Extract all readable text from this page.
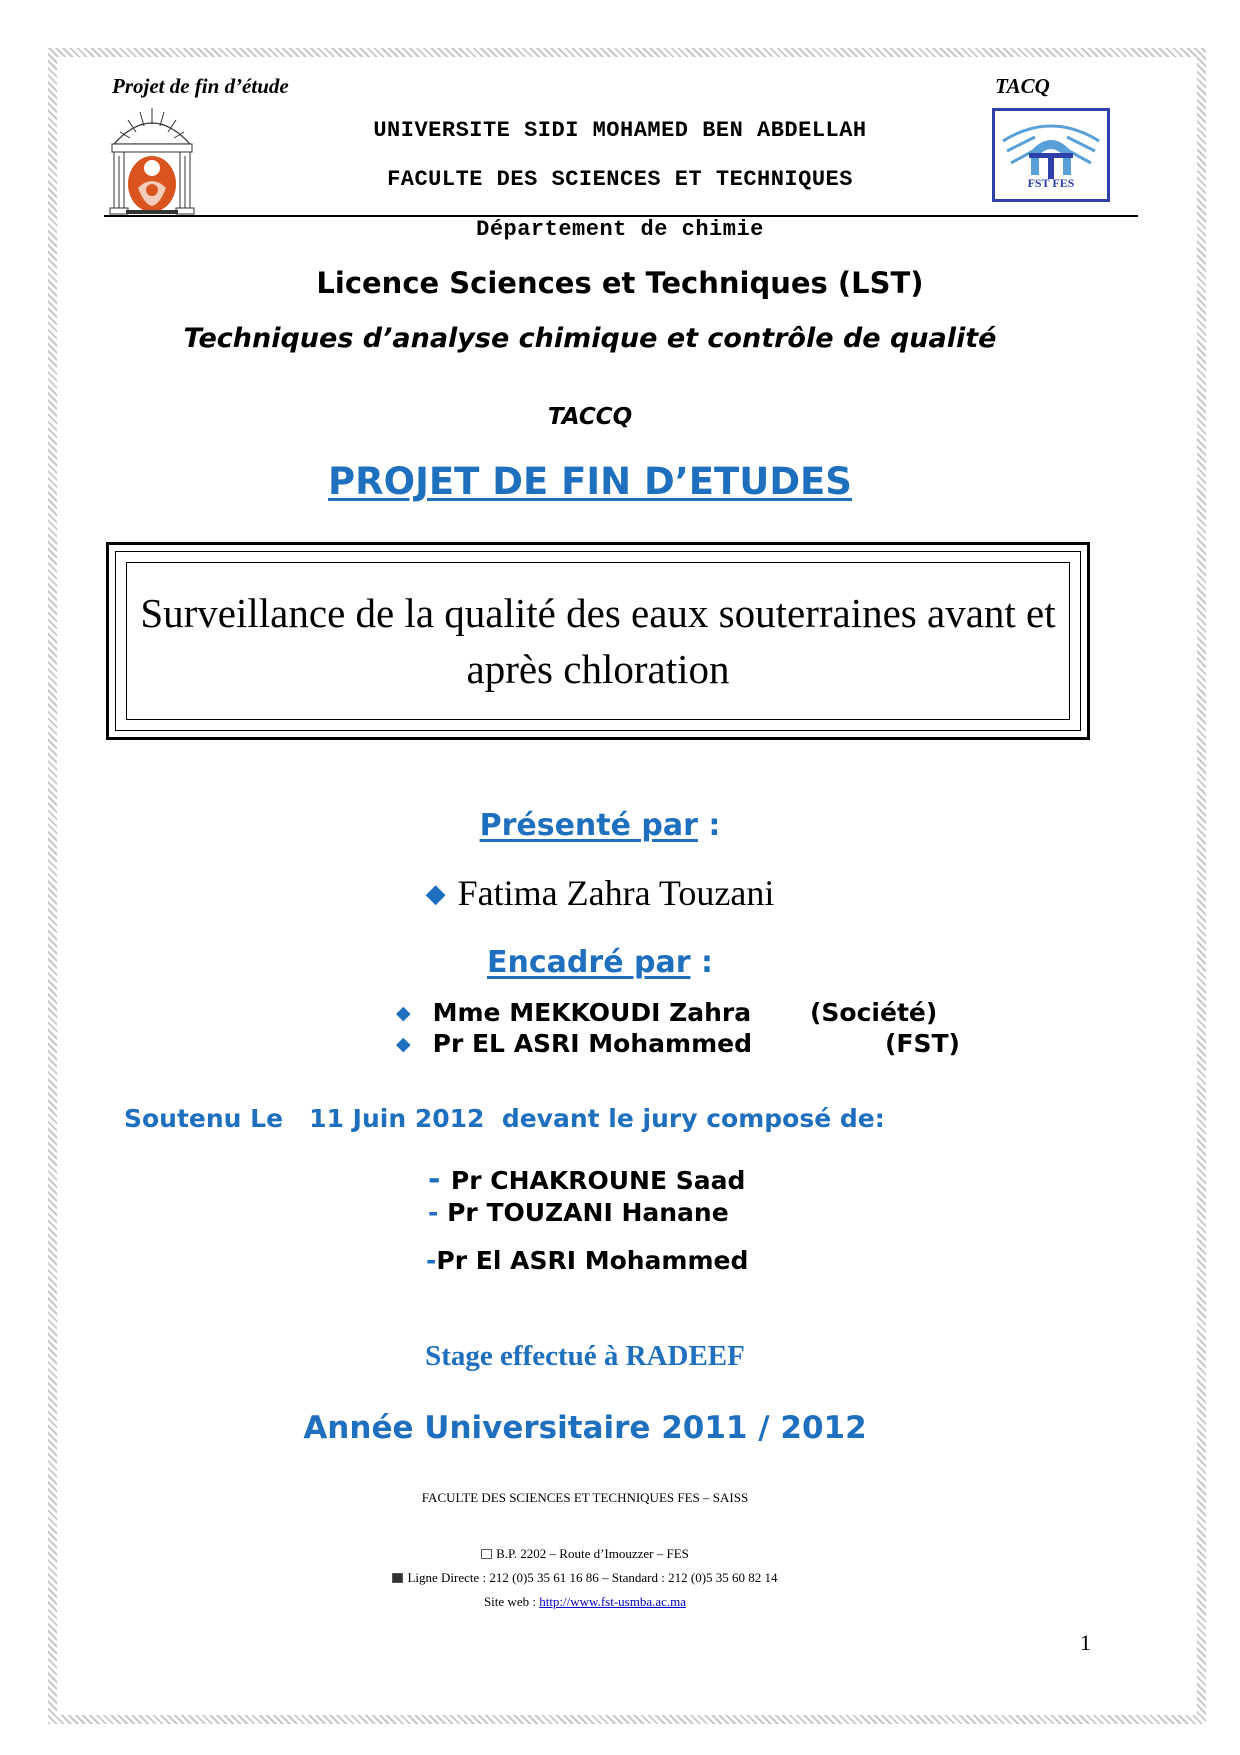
Projet de fin d’étude	TACQ
UNIVERSITE SIDI MOHAMED BEN ABDELLAH
FACULTE DES SCIENCES ET TECHNIQUES	FST FES
Département de chimie
Licence Sciences et Techniques (LST)
Techniques d’analyse chimique et contrôle de qualité
TACCQ
PROJET DE FIN D’ETUDES
Surveillance de la qualité des eaux souterraines avant et
après chloration
Présenté par :
◆ Fatima Zahra Touzani
Encadré par :
◆ Mme MEKKOUDI Zahra (Société)
◆ Pr EL ASRI Mohammed	(FST)
Soutenu Le   11 Juin 2012  devant le jury composé de:
- Pr CHAKROUNE Saad
- Pr TOUZANI Hanane
-Pr El ASRI Mohammed
Stage effectué à RADEEF
Année Universitaire 2011 / 2012
FACULTE DES SCIENCES ET TECHNIQUES FES – SAISS
B.P. 2202 – Route d’Imouzzer – FES
Ligne Directe : 212 (0)5 35 61 16 86 – Standard : 212 (0)5 35 60 82 14
Site web : http://www.fst-usmba.ac.ma
1
